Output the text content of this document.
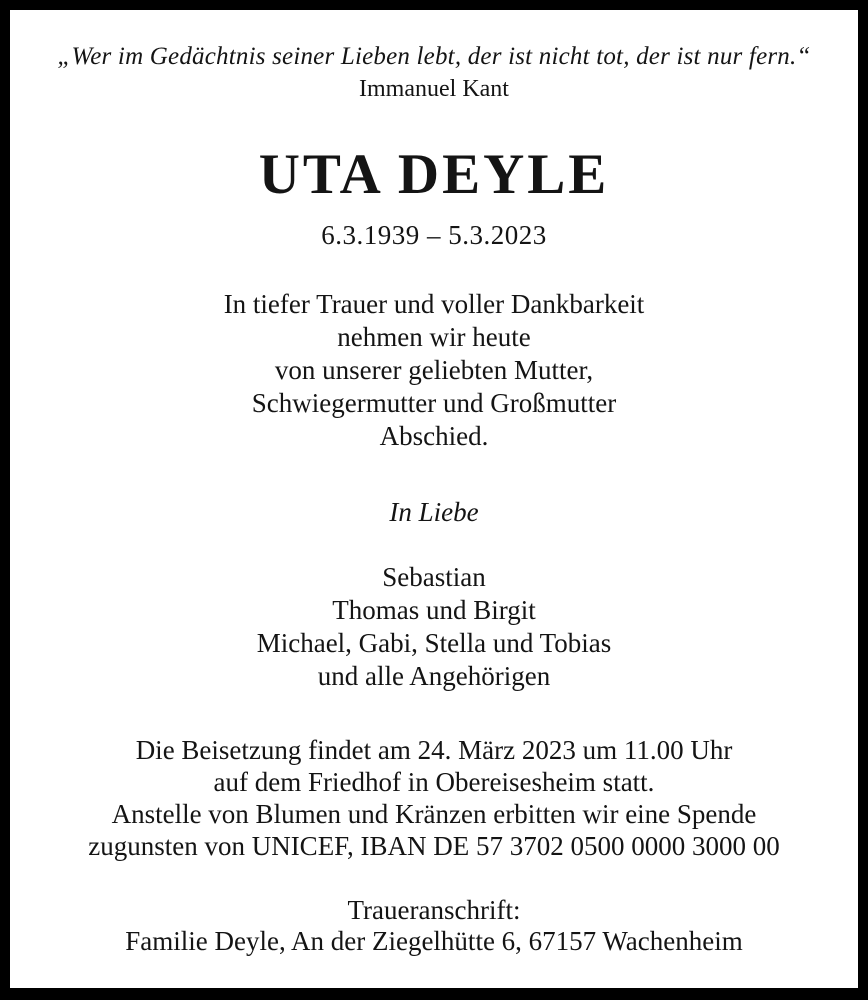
„Wer im Gedächtnis seiner Lieben lebt, der ist nicht tot, der ist nur fern.“
Immanuel Kant
UTA DEYLE
6.3.1939 – 5.3.2023
In tiefer Trauer und voller Dankbarkeit
nehmen wir heute
von unserer geliebten Mutter,
Schwiegermutter und Großmutter
Abschied.
In Liebe
Sebastian
Thomas und Birgit
Michael, Gabi, Stella und Tobias
und alle Angehörigen
Die Beisetzung findet am 24. März 2023 um 11.00 Uhr
auf dem Friedhof in Obereisesheim statt.
Anstelle von Blumen und Kränzen erbitten wir eine Spende
zugunsten von UNICEF, IBAN DE 57 3702 0500 0000 3000 00
Traueranschrift:
Familie Deyle, An der Ziegelhütte 6, 67157 Wachenheim
